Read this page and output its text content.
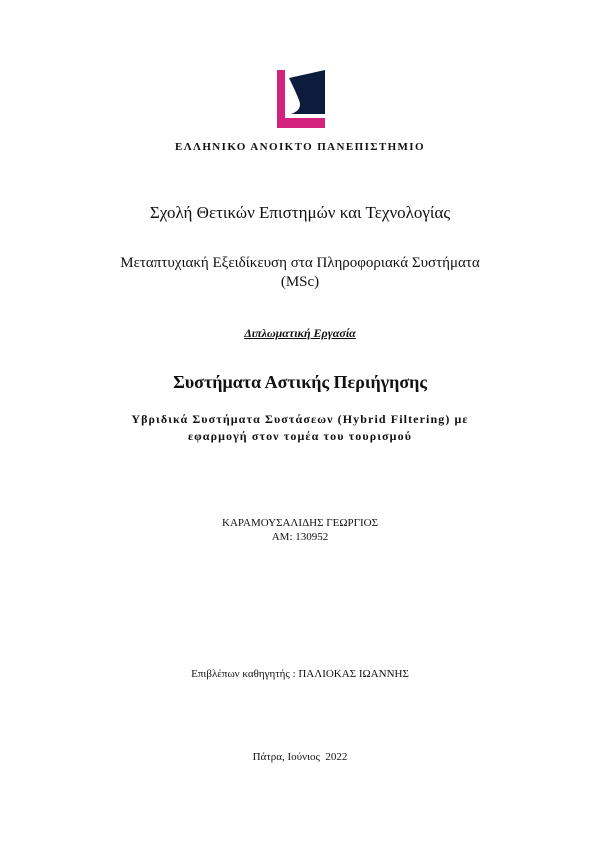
ΕΛΛΗΝΙΚΟ ΑΝΟΙΚΤΟ ΠΑΝΕΠΙΣΤΗΜΙΟ
Σχολή Θετικών Επιστημών και Τεχνολογίας
Μεταπτυχιακή Εξειδίκευση στα Πληροφοριακά Συστήματα
(MSc)
Διπλωματική Εργασία
Συστήματα Αστικής Περιήγησης
Υβριδικά Συστήματα Συστάσεων (Hybrid Filtering) με
εφαρμογή στον τομέα του τουρισμού
ΚΑΡΑΜΟΥΣΑΛΙΔΗΣ ΓΕΩΡΓΙΟΣ
ΑΜ: 130952
Επιβλέπων καθηγητής : ΠΑΛΙΟΚΑΣ ΙΩΑΝΝΗΣ
Πάτρα, Ιούνιος  2022
